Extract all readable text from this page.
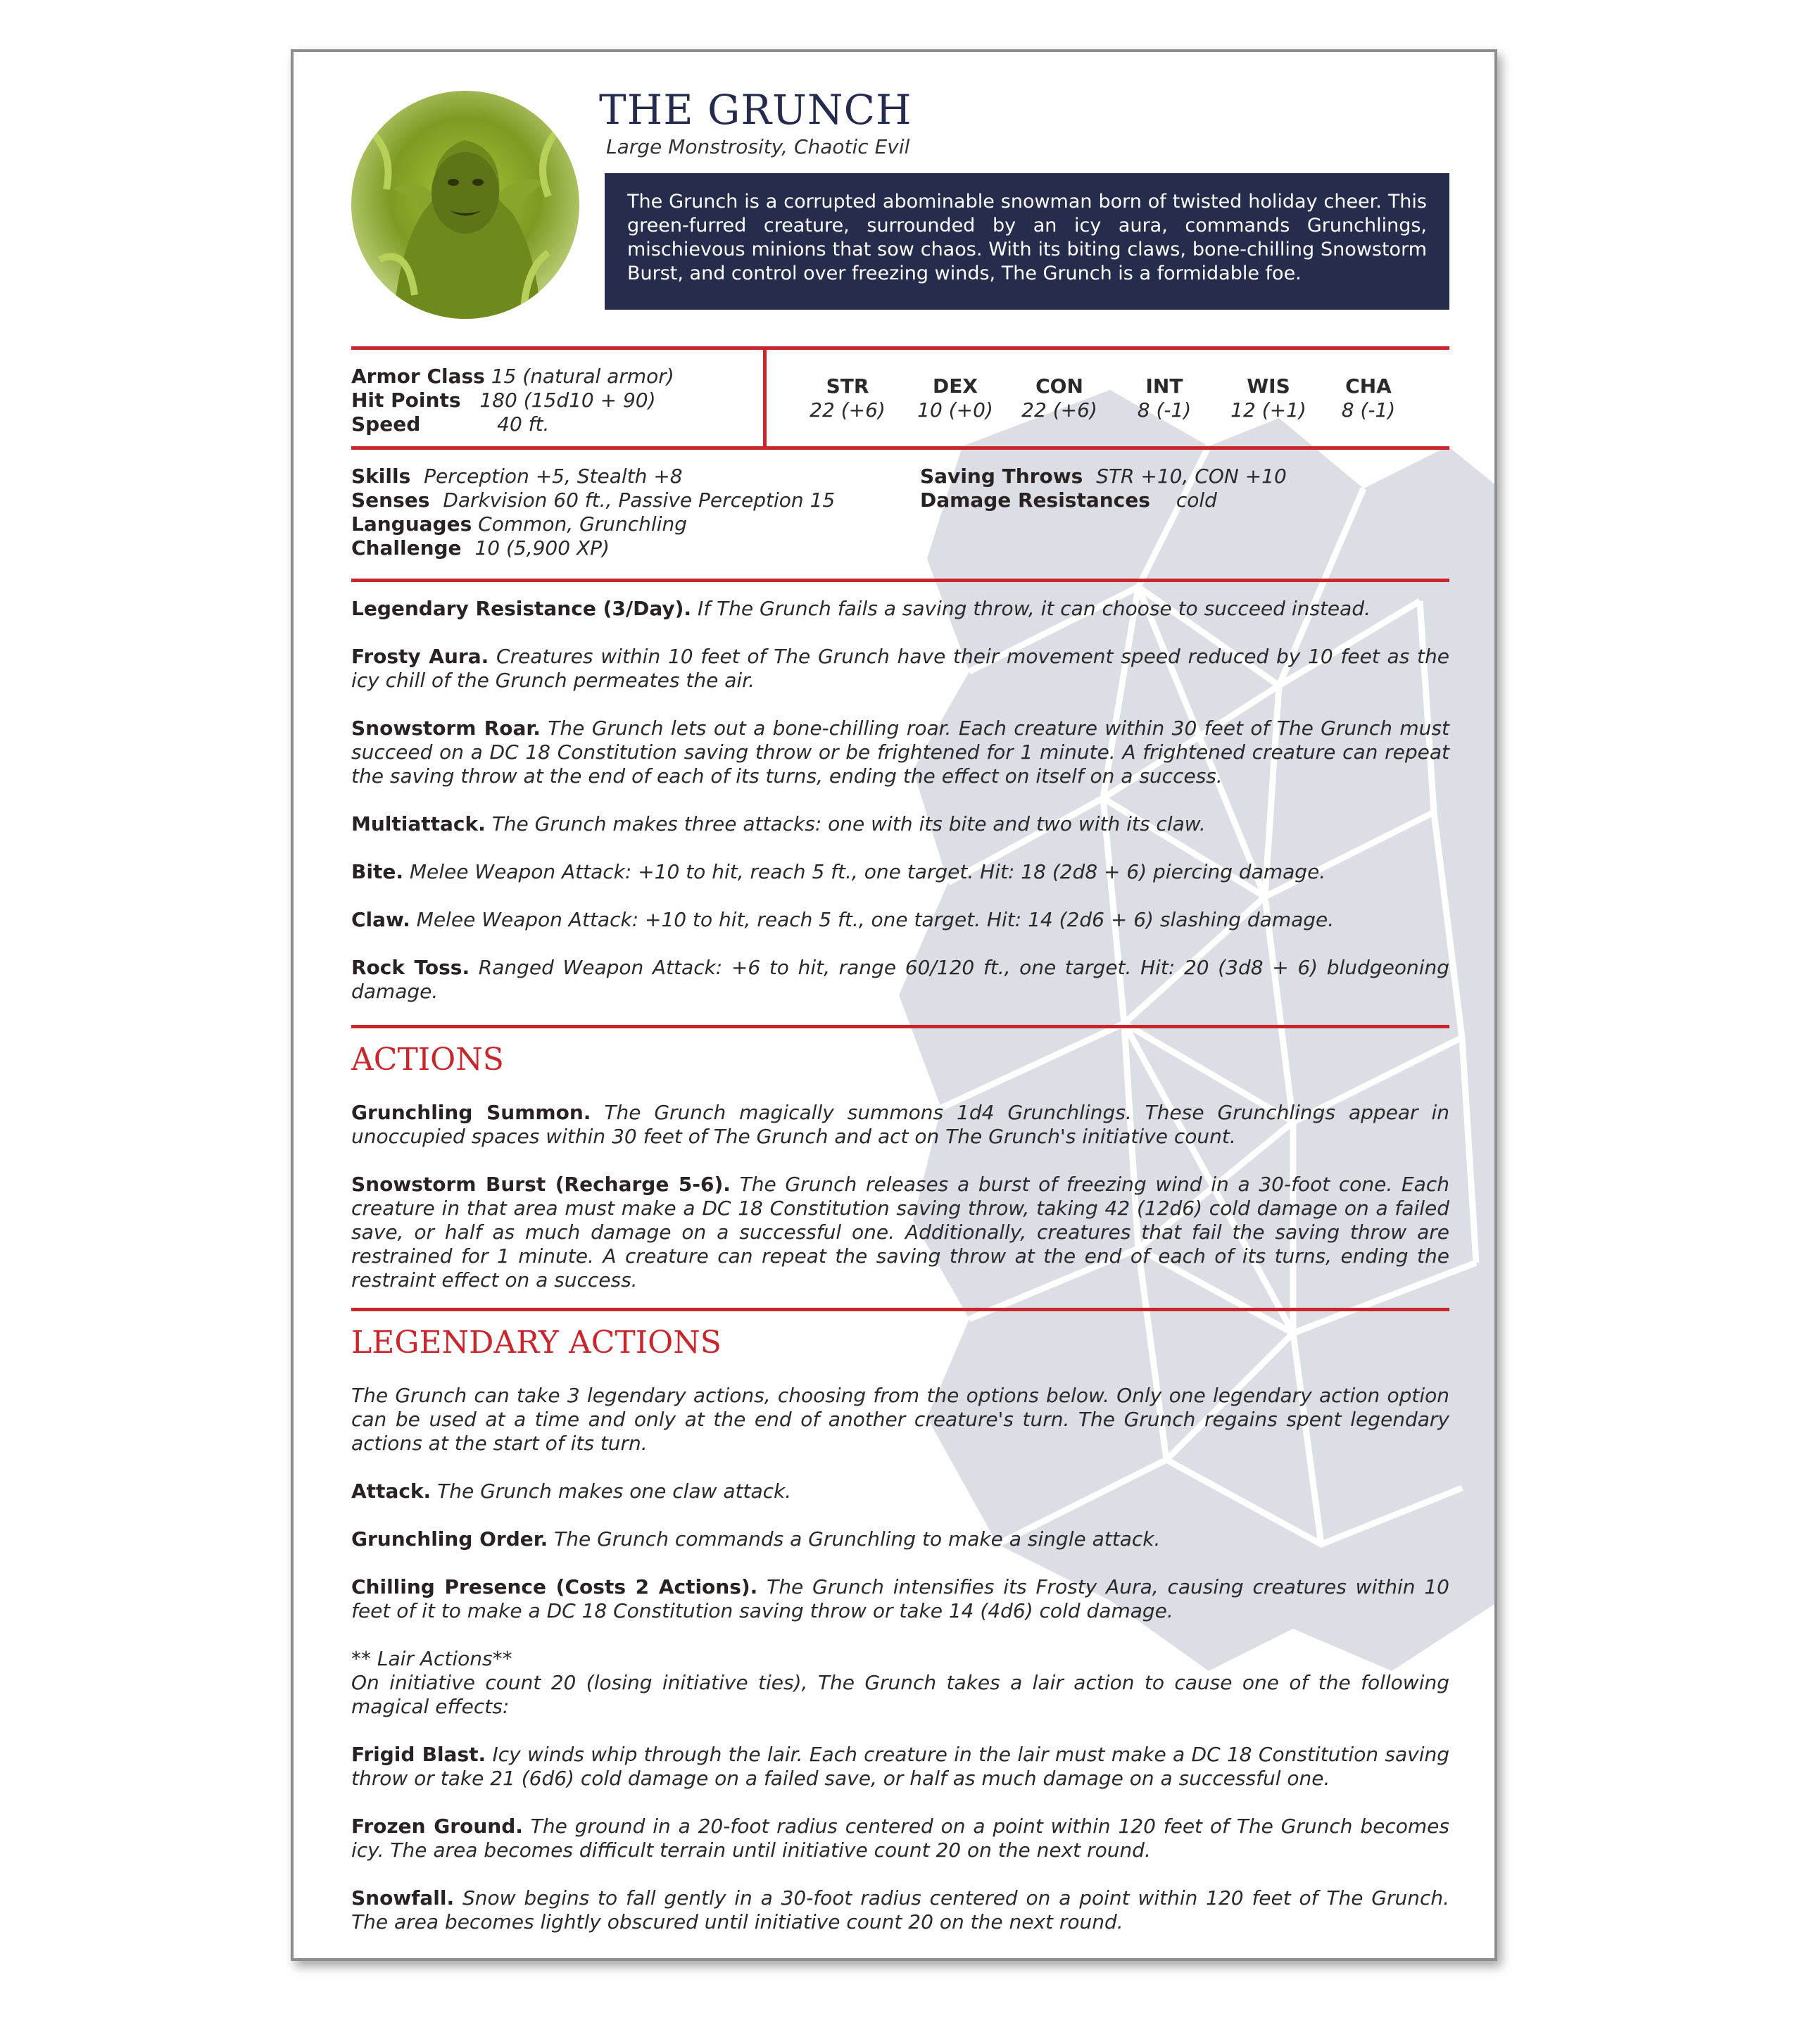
THE GRUNCH
Large Monstrosity, Chaotic Evil
The Grunch is a corrupted abominable snowman born of twisted holiday cheer. This green-furred creature, surrounded by an icy aura, commands Grunchlings, mischievous minions that sow chaos. With its biting claws, bone-chilling Snowstorm Burst, and control over freezing winds, The Grunch is a formidable foe.
Armor Class 15 (natural armor)
Hit Points 180 (15d10 + 90)
Speed	40 ft.
STR
22 (+6)
DEX
10 (+0)
CON
22 (+6)
INT
8 (-1)
WIS
12 (+1)
CHA
8 (-1)
Skills Perception +5, Stealth +8
Senses Darkvision 60 ft., Passive Perception 15
Languages Common, Grunchling
Challenge 10 (5,900 XP)
Saving Throws STR +10, CON +10
Damage Resistances cold
Legendary Resistance (3/Day). If The Grunch fails a saving throw, it can choose to succeed instead.
Frosty Aura. Creatures within 10 feet of The Grunch have their movement speed reduced by 10 feet as the icy chill of the Grunch permeates the air.
Snowstorm Roar. The Grunch lets out a bone-chilling roar. Each creature within 30 feet of The Grunch must succeed on a DC 18 Constitution saving throw or be frightened for 1 minute. A frightened creature can repeat the saving throw at the end of each of its turns, ending the effect on itself on a success.
Multiattack. The Grunch makes three attacks: one with its bite and two with its claw.
Bite. Melee Weapon Attack: +10 to hit, reach 5 ft., one target. Hit: 18 (2d8 + 6) piercing damage.
Claw. Melee Weapon Attack: +10 to hit, reach 5 ft., one target. Hit: 14 (2d6 + 6) slashing damage.
Rock Toss. Ranged Weapon Attack: +6 to hit, range 60/120 ft., one target. Hit: 20 (3d8 + 6) bludgeoning damage.
ACTIONS
Grunchling Summon. The Grunch magically summons 1d4 Grunchlings. These Grunchlings appear in unoccupied spaces within 30 feet of The Grunch and act on The Grunch's initiative count.
Snowstorm Burst (Recharge 5-6). The Grunch releases a burst of freezing wind in a 30-foot cone. Each creature in that area must make a DC 18 Constitution saving throw, taking 42 (12d6) cold damage on a failed save, or half as much damage on a successful one. Additionally, creatures that fail the saving throw are restrained for 1 minute. A creature can repeat the saving throw at the end of each of its turns, ending the restraint effect on a success.
LEGENDARY ACTIONS
The Grunch can take 3 legendary actions, choosing from the options below. Only one legendary action option can be used at a time and only at the end of another creature's turn. The Grunch regains spent legendary actions at the start of its turn.
Attack. The Grunch makes one claw attack.
Grunchling Order. The Grunch commands a Grunchling to make a single attack.
Chilling Presence (Costs 2 Actions). The Grunch intensifies its Frosty Aura, causing creatures within 10 feet of it to make a DC 18 Constitution saving throw or take 14 (4d6) cold damage.
** Lair Actions**
On initiative count 20 (losing initiative ties), The Grunch takes a lair action to cause one of the following magical effects:
Frigid Blast. Icy winds whip through the lair. Each creature in the lair must make a DC 18 Constitution saving throw or take 21 (6d6) cold damage on a failed save, or half as much damage on a successful one.
Frozen Ground. The ground in a 20-foot radius centered on a point within 120 feet of The Grunch becomes icy. The area becomes difficult terrain until initiative count 20 on the next round.
Snowfall. Snow begins to fall gently in a 30-foot radius centered on a point within 120 feet of The Grunch. The area becomes lightly obscured until initiative count 20 on the next round.
